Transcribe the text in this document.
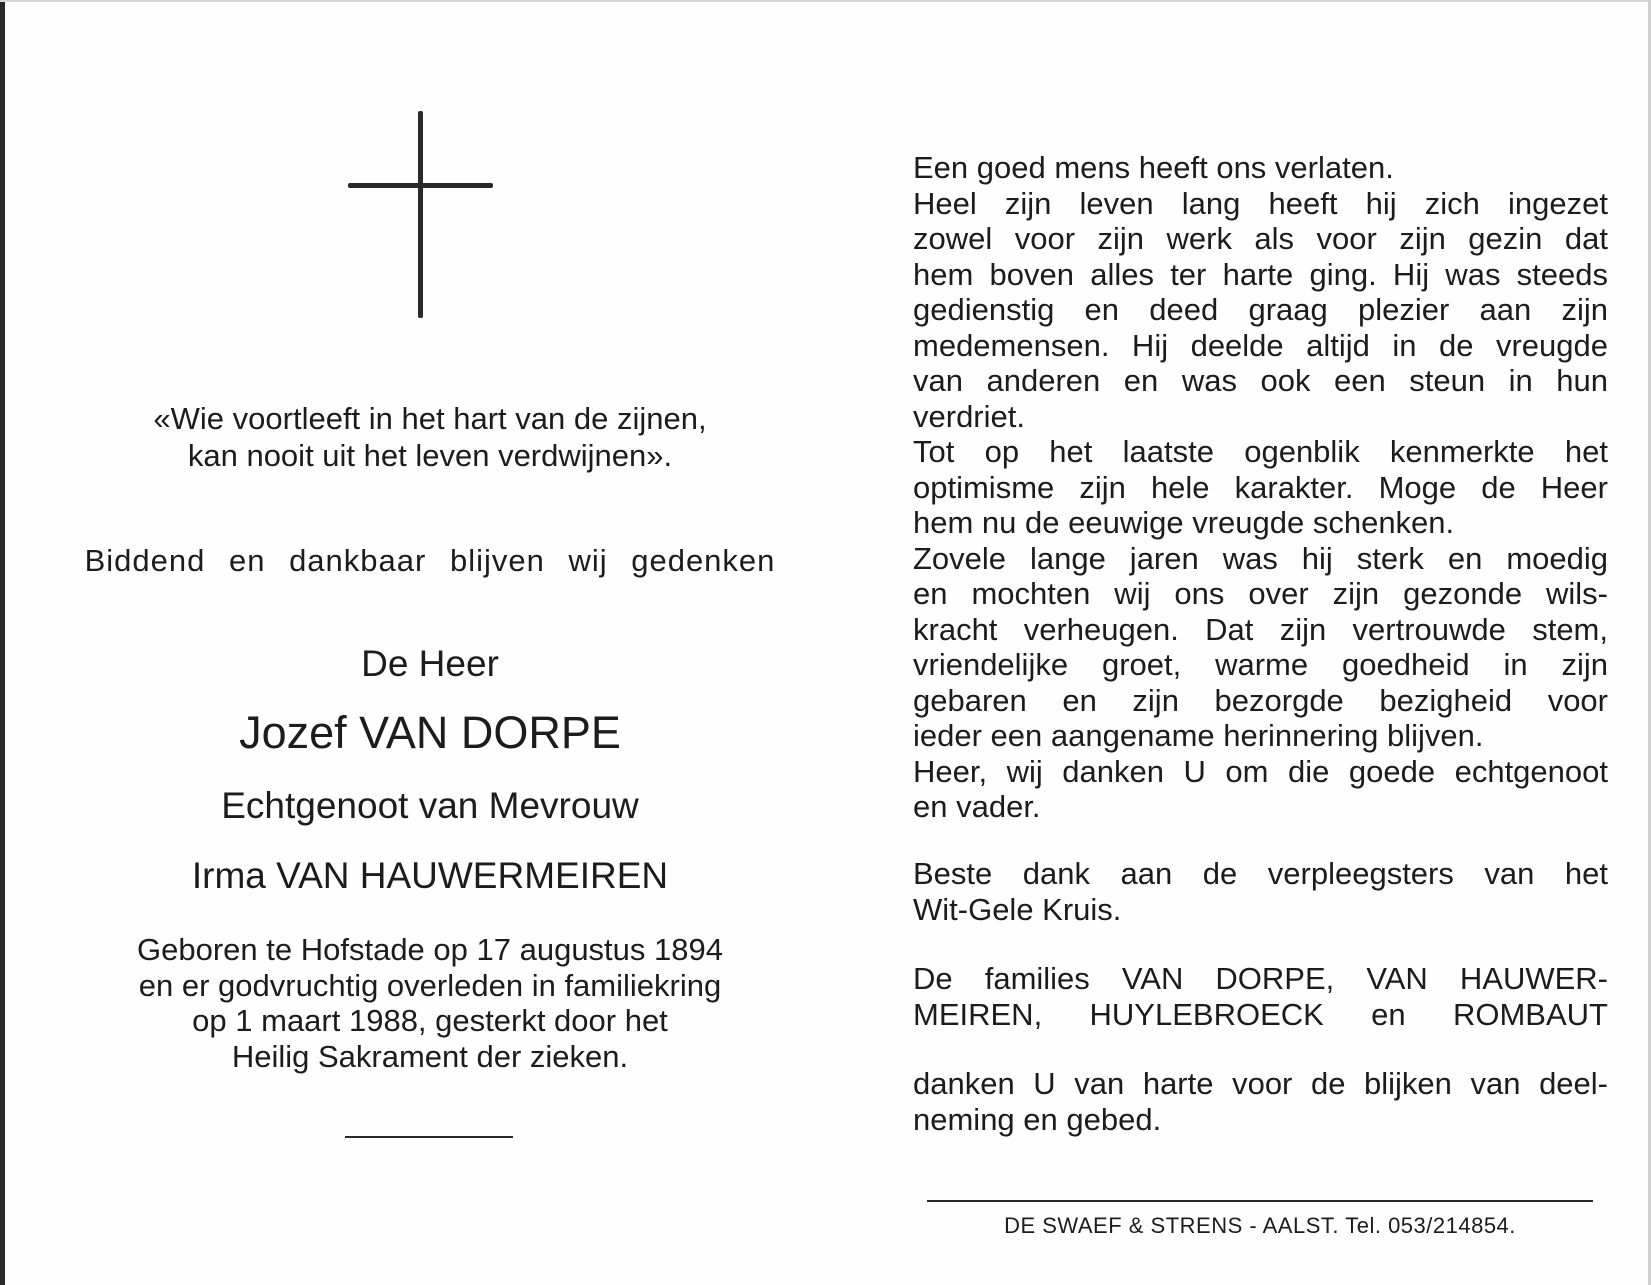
«Wie voortleeft in het hart van de zijnen,
kan nooit uit het leven verdwijnen».
Biddend en dankbaar blijven wij gedenken
De Heer
Jozef VAN DORPE
Echtgenoot van Mevrouw
Irma VAN HAUWERMEIREN
Geboren te Hofstade op 17 augustus 1894
en er godvruchtig overleden in familiekring
op 1 maart 1988, gesterkt door het
Heilig Sakrament der zieken.
Een goed mens heeft ons verlaten.
Heel zijn leven lang heeft hij zich ingezet
zowel voor zijn werk als voor zijn gezin dat
hem boven alles ter harte ging. Hij was steeds
gedienstig en deed graag plezier aan zijn
medemensen. Hij deelde altijd in de vreugde
van anderen en was ook een steun in hun
verdriet.
Tot op het laatste ogenblik kenmerkte het
optimisme zijn hele karakter. Moge de Heer
hem nu de eeuwige vreugde schenken.
Zovele lange jaren was hij sterk en moedig
en mochten wij ons over zijn gezonde wils-
kracht verheugen. Dat zijn vertrouwde stem,
vriendelijke groet, warme goedheid in zijn
gebaren en zijn bezorgde bezigheid voor
ieder een aangename herinnering blijven.
Heer, wij danken U om die goede echtgenoot
en vader.
Beste dank aan de verpleegsters van het
Wit-Gele Kruis.
De families VAN DORPE, VAN HAUWER-
MEIREN, HUYLEBROECK en ROMBAUT
danken U van harte voor de blijken van deel-
neming en gebed.
DE SWAEF & STRENS - AALST. Tel. 053/214854.
